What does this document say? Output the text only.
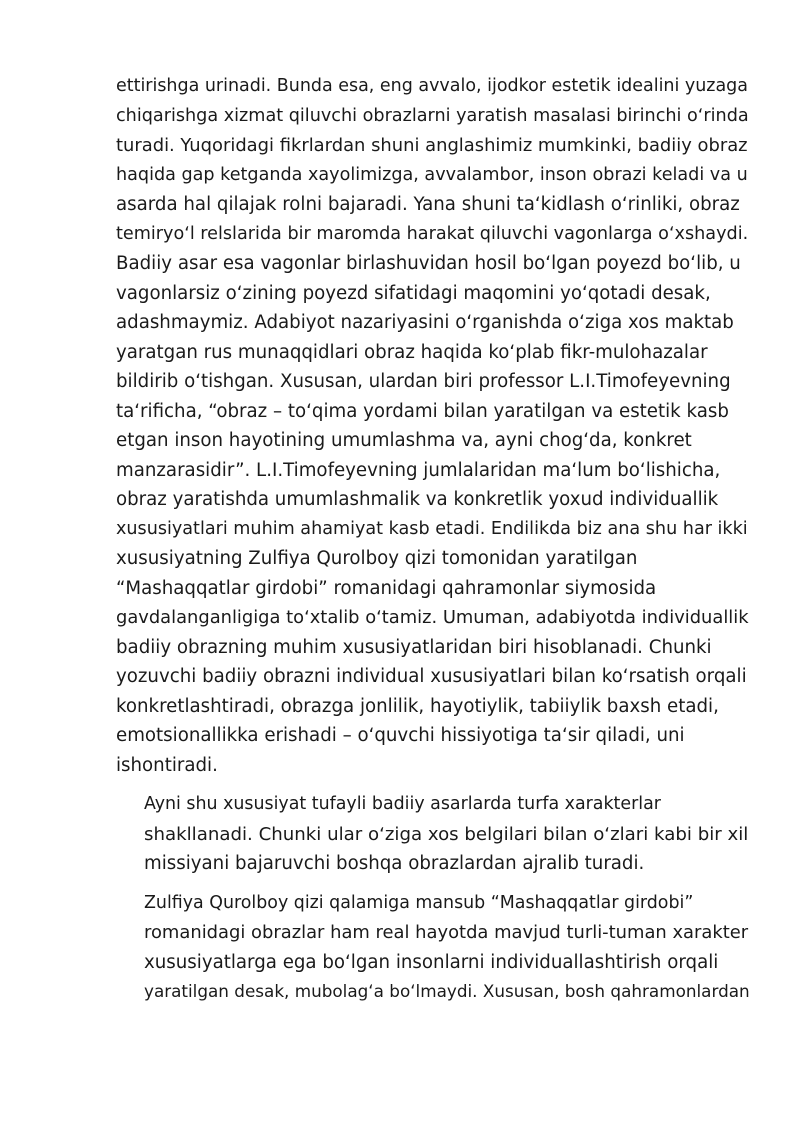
ettirishga urinadi. Bunda esa, eng avvalo, ijodkor estetik idealini yuzaga
chiqarishga xizmat qiluvchi obrazlarni yaratish masalasi birinchi oʻrinda
turadi. Yuqoridagi fikrlardan shuni anglashimiz mumkinki, badiiy obraz
haqida gap ketganda xayolimizga, avvalambor, inson obrazi keladi va u
asarda hal qilajak rolni bajaradi. Yana shuni taʻkidlash oʻrinliki, obraz
temiryoʻl relslarida bir maromda harakat qiluvchi vagonlarga oʻxshaydi.
Badiiy asar esa vagonlar birlashuvidan hosil boʻlgan poyezd boʻlib, u
vagonlarsiz oʻzining poyezd sifatidagi maqomini yoʻqotadi desak,
adashmaymiz. Adabiyot nazariyasini oʻrganishda oʻziga xos maktab
yaratgan rus munaqqidlari obraz haqida koʻplab fikr-mulohazalar
bildirib oʻtishgan. Xususan, ulardan biri professor L.I.Timofeyevning
taʻrificha, “obraz – toʻqima yordami bilan yaratilgan va estetik kasb
etgan inson hayotining umumlashma va, ayni chogʻda, konkret
manzarasidir”. L.I.Timofeyevning jumlalaridan maʻlum boʻlishicha,
obraz yaratishda umumlashmalik va konkretlik yoxud individuallik
xususiyatlari muhim ahamiyat kasb etadi. Endilikda biz ana shu har ikki
xususiyatning Zulfiya Qurolboy qizi tomonidan yaratilgan
“Mashaqqatlar girdobi” romanidagi qahramonlar siymosida
gavdalanganligiga toʻxtalib oʻtamiz. Umuman, adabiyotda individuallik
badiiy obrazning muhim xususiyatlaridan biri hisoblanadi. Chunki
yozuvchi badiiy obrazni individual xususiyatlari bilan koʻrsatish orqali
konkretlashtiradi, obrazga jonlilik, hayotiylik, tabiiylik baxsh etadi,
emotsionallikka erishadi – oʻquvchi hissiyotiga taʻsir qiladi, uni
ishontiradi.

Ayni shu xususiyat tufayli badiiy asarlarda turfa xarakterlar
shakllanadi. Chunki ular oʻziga xos belgilari bilan oʻzlari kabi bir xil
missiyani bajaruvchi boshqa obrazlardan ajralib turadi.

Zulfiya Qurolboy qizi qalamiga mansub “Mashaqqatlar girdobi”
romanidagi obrazlar ham real hayotda mavjud turli-tuman xarakter
xususiyatlarga ega boʻlgan insonlarni individuallashtirish orqali
yaratilgan desak, mubolagʻa boʻlmaydi. Xususan, bosh qahramonlardan
